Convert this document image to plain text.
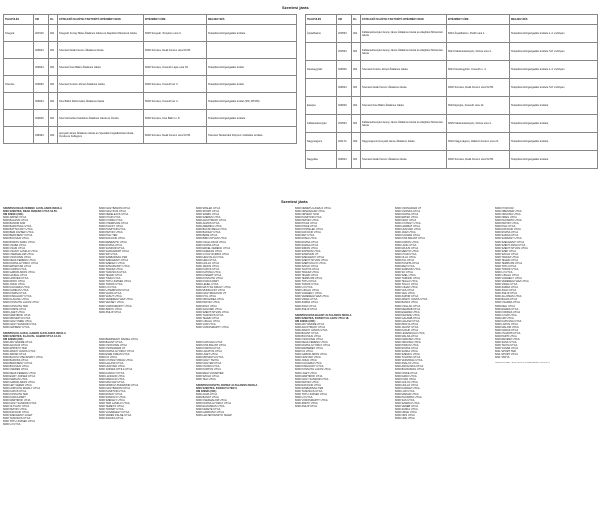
Szentesi járás
TELEPÜLÉS	OM	FH.	KÖTELEZŐ FELVÉTELT BIZTOSÍTÓ INTÉZMÉNY NEVE	INTÉZMÉNY CÍME	MEGJEGYZÉS
Szegvár	201516	001	Szegvári Forray Máté Általános Iskola és Alapfokú Művészeti Iskola	6635 Szegvár, Templom utca 3.	Települési közigazgatási területe
	029624	001	Szentesi Deák Ferenc Általános Iskola	6600 Szentes, Deák Ferenc utca 53-55.	
	029624	001	Szentesi Kiss Bálint Általános Iskola	6600 Szentes, Kossuth Lajos utca 18.	Települési közigazgatási terület
Szentes	029630	001	Szentesi Koszta József Általános Iskola	6600 Szentes, Kossuth tér 3.	Települési közigazgatási terület
	029634	001	Kiss Bálint Református Általános Iskola	6600 Szentes, Kossuth tér 2.	Települési közigazgatási terület (SNI, BTMN)
	029625	001	Szent Erzsébet Katolikus Általános Iskola és Óvoda	6600 Szentes, Kiss Bálint u. 8.	Települési közigazgatási területe
	038464	002	Hunyadi János Általános Iskola és Speciális Foglalkoztató Iskola, Óvoda és Kollégium	6600 Szentes, Deák Ferenc utca 53-55.	Szentesi Tankerületi Központ működési területe
TELEPÜLÉS	OM	FH.	KÖTELEZŐ FELVÉTELT BIZTOSÍTÓ INTÉZMÉNY NEVE	INTÉZMÉNY CÍME	MEGJEGYZÉS
Árpádhalom	200533	001	Fábiánsebestyéni Arany János Általános Iskola és Alapfokú Művészeti Iskola	6623 Árpádhalom, Petőfi utca 1.	Települési közigazgatási területe 1-4. évfolyam
	200533	001	Fábiánsebestyéni Arany János Általános Iskola és Alapfokú Művészeti Iskola	6621 Fábiánsebestyén, Dózsa utca 3.	Települési közigazgatási területe 5-8. évfolyam
Derekegyház	029629	001	Szentesi Koszta József Általános Iskola	6621 Derekegyház, Kossuth u. 4.	Települési közigazgatási területe 1-4. évfolyam
	029624	001	Szentesi Deák Ferenc Általános Iskola	6600 Szentes, Deák Ferenc utca 53-55.	Települési közigazgatási területe 5-8. évfolyam
Eperjes	029629	001	Szentesi Kiss Bálint Általános Iskola	6624 Eperjes, Kossuth utca 12.	Települési közigazgatási területe
Fábiánsebestyén	200533	001	Fábiánsebestyéni Arany János Általános Iskola és Alapfokú Művészeti Iskola	6625 Fábiánsebestyén, Dózsa utca 3.	Települési közigazgatási területe
Nagymágocs	201172	002	Nagymágocsi Hunyadi János Általános Iskola	6622 Nagymágocs, Rákóczi Ferenc utca 21.	Települési közigazgatási területe
Nagytőke	029624	001	Szentesi Deák Ferenc Általános Iskola	6600 Szentes, Deák Ferenc utca 53-55.	Települési közigazgatási területe
Szentesi járás
SZENTESI DEÁK FERENC ÁLTALÁNOS ISKOLA
6600 SZENTES, DEÁK FERENC UTCA 53-55.
OM 029624 (001)
6600 ÁRPÁD UTCA
6600 BALASSI UTCA
6600 BÁNOM SOR
6600 BARÁTSÁG UTCA
6600 BATTHYÁNY UTCA
6600 BEM JÓZSEF UTCA
6600 BERCSÉNYI UTCA
6600 BOCSKAI UTCA
6600 BOROS SAMU UTCA
6600 CSABA UTCA
6600 CSÁKI UTCA
6600 CSÁNYI LÁSZLÓ UTCA
6600 CSERHALOM UTCA
6600 CSOKONAI UTCA
6600 DEÁK FERENC UTCA
6600 DÓZSA GYÖRGY UTCA
6600 ÉRTÉKTÁR UTCA
6600 FÜRDŐ UTCA
6600 GÁBOR ÁRON UTCA
6600 HAJNAL UTCA
6600 HONVÉD UTCA
6600 IRINYI UTCA
6600 JÓKAI UTCA
6600 KÁLVÁRIA UTCA
6600 KARIKÁS UTCA
6600 KINIZSI UTCA
6600 KISFALUDY UTCA
6600 KLAUZÁL UTCA
6600 KOSSUTH LAJOS UTCA
6600 KOSSUTH TÉR
6600 KÖRTE UTCA
6600 LIGET UTCA
6600 MÁRTÍROK ÚTJA
6600 MIKSZÁTH UTCA
6600 NAGY IMRE UTCA
6600 NAGY SÁNDOR UTCA
6600 NAPFÉNY UTCA
SZENTESI KLAUZÁL GÁBOR ÁLTALÁNOS ISKOLA
6600 SZENTES, KLAUZÁL GÁBOR UTCA 12-16.
OM 029629 (001)
6600 ADY ENDRE UTCA
6600 ALFÖLDI UTCA
6600 APPONYI TÉR
6600 ARANY JÁNOS UTCA
6600 ÁRPÁD UTCA
6600 BAJCSY-ZSILINSZKY UTCA
6600 BAROSS UTCA
6600 BERCSÉNYI UTCA
6600 BOCSKAI UTCA
6600 CSERES UTCA
6600 DEÁK FERENC UTCA
6600 EGRY JÓZSEF UTCA
6600 FARKAS UTCA
6600 GÁBOR ÁRON UTCA
6600 HÉT VEZÉR UTCA
6600 HORVÁTH MIHÁLY UTCA
6600 KAPOS UTCA
6600 KOSSUTH TÉR
6600 KURCA PART
6600 MÁRTÍROK ÚTJA
6600 NAGY SÁNDOR UTCA
6600 OLTVÁNY UTCA
6600 PETŐFI UTCA
6600 RÁKÓCZI UTCA
6600 SZÉCHENYI LIGET
6600 TÁNCSICS UTCA
6600 TÓTH JÓZSEF UTCA
6600 ÚJ UTCA
6600 NAGYBÁNOM UTCA
6600 NAGYKÖZ UTCA
6600 NEFELEJCS UTCA
6600 NYÁR UTCA
6600 NYÍRFA UTCA
6600 ÓTEMPLOM UTCA
6600 PÁLFFY UTCA
6600 PÁSZTOR UTCA
6600 PETŐFI UTCA
6600 PIAC TÉR
6600 RÁKÓCZI UTCA
6600 REMÉNYIK UTCA
6600 RÓZSA UTCA
6600 SÁNDOR UTCA
6600 SÁRGAPART UTCA
6600 SÍP UTCA
6600 SZABADSÁG TÉR
6600 SZÉCHENYI UTCA
6600 SZÉKELY UTCA
6600 SZIVÁRVÁNY UTCA
6600 TAVASZ UTCA
6600 TÁNCSICS UTCA
6600 TELEKI UTCA
6600 TISZA UTCA
6600 TÓTH JÓZSEF UTCA
6600 TÖRÖK UTCA
6600 ÚJ UTCA
6600 ÚJTEMPLOM UTCA
6600 VAJDA UTCA
6600 VASUT UTCA
6600 VERESEGYHÁZ UTCA
6600 VÉCSEY UTCA
6600 VÖRÖSMARTY UTCA
6600 ZRÍNYI UTCA
6600 ZSILIP UTCA
6600 BERZSENYI DÁNIEL UTCA
6600 BÁLINT UTCA
6600 CSOKONAI UTCA
6600 CSONGRÁDI ÚT
6600 DÓZSA GYÖRGY UTCA
6600 ESZE TAMÁS UTCA
6600 FŐ UTCA
6600 GYÖNGYVIRÁG UTCA
6600 HALÁSZ UTCA
6600 HUNYADI UTCA
6600 JÓZSEF ATTILA UTCA
6600 KÁROLYI UTCA
6600 LÁNCHÍD UTCA
6600 MADÁCH UTCA
6600 MAGYAR UTCA
6600 MÓRICZ ZSIGMOND UTCA
6600 NAGYBÁNOM UTCA
6600 PÁSZTOR UTCA
6600 RÓNAY UTCA
6600 SOMOGYI UTCA
6600 SZÉKELY UTCA
6600 TARI LÁSZLÓ UTCA
6600 TEMETŐ UTCA
6600 TÓPART UTCA
6600 VÁSÁRHELYI UTCA
6600 VERES PÁLNÉ UTCA
6600 ZÖLDFA UTCA
6600 SPALEK UTCA
6600 SPORT UTCA
6600 SZABÓ UTCA
6600 SZEPES UTCA
6600 ALKOTMÁNY UTCA
6600 ÁLMOS UTCA
6600 AMERIKA UTCA
6600 BACSÓ BÉLA UTCA
6600 BAKSAY UTCA
6600 BÉKE UTCA
6600 BIBÓ ISTVÁN UTCA
6600 CSALLÓKÖZ UTCA
6600 DÓZSA UTCA
6600 ERKEL FERENC UTCA
6600 FAZEKAS UTCA
6600 GYÓGYFÜRDŐ UTCA
6600 HEGYALJA UTCA
6600 HÉKI UTCA
6600 HOLLÓ UTCA
6600 JÁNOS UTCA
6600 KAPOS UTCA
6600 KATONA UTCA
6600 KISKERT UTCA
6600 KOSSUTH UTCA
6600 KURCA PART
6600 LEHEL UTCA
6600 MÁTYÁS KIRÁLY UTCA
6600 MUNKÁCSY UTCA
6600 NAGYMÁGOCSI ÚT
6600 NYÍL UTCA
6600 ORCHIDEA UTCA
6600 PETŐFI UTCA
6600 RIGÓ UTCA
6600 SÁGVÁRI UTCA
6600 SZENT ISTVÁN UTCA
6600 TÁNCSICS UTCA
6600 TELEKI UTCA
6600 ÚJFALU UTCA
6600 VÁR UTCA
6600 VÖRÖSMARTY UTCA
6600 KAPOLNA UTCA
6600 KISS BÁLINT UTCA
6600 KŐRÖSI UTCA
6600 LAKATOS UTCA
6600 LIGET UTCA
6600 MIKSZÁTH UTCA
6600 NAGY TANYA
6600 NAGYÉR UTCA
6600 ÓVODA UTCA
6600 PÁRTOS UTCA
6600 RÉGI VÁSÁRTÉR
6600 SZŐLŐ UTCA
6600 TÉLI UTCA
SZENTESI KOSZTA JÓZSEF ÁLTALÁNOS ISKOLA
6600 SZENTES, KOSSUTH TÉR 3.
OM 029630 (001)
6600 ALMA UTCA
6600 BÁNÁT UTCA
6600 CSERHALOM UTCA
6600 DÓZSA GYÖRGY UTCA
6600 ÉLMUNKÁS UTCA
6600 FEKETE UTCA
6600 GÁRDONYI UTCA
6600 HALTENYÉSZTŐ TELEP
6600 NÉMETH LÁSZLÓ UTCA
6600 ORSZÁGHÍD UTCA
6600 ÖRVÉNY SOR
6600 PÁSZTOR UTCA
6600 PETŐFI UTCA
6600 PICAS UTCA
6600 PINCE UTCA
6600 PÓSTELEK UTCA
6600 RÁKÓCZI UTCA
6600 RÉT UTCA
6600 RÓNA UTCA
6600 RÓZSA UTCA
6600 SÁRGA UTCA
6600 SIMON UTCA
6600 SOPRON UTCA
6600 SZARVASI ÚT
6600 SZÉCHENYI UTCA
6600 SZENT ISTVÁN UTCA
6600 SZÉPVÖLGYI UTCA
6600 SZŐLŐ UTCA
6600 TÁLTOS UTCA
6600 TAVASZ UTCA
6600 TELEKI UTCA
6600 TEMPLOM UTCA
6600 TÓTH UTCA
6600 TÖRÖK UTCA
6600 ÚJ UTCA
6600 ÚJFALU UTCA
6600 VÁRHEGY UTCA
6600 VERESEGYHÁZ UTCA
6600 VIRÁG UTCA
6600 ZÁRDA UTCA
6600 ZÖLD UTCA
6600 ZSILIP UTCA
SZENTESI KISS BÁLINT ÁLTALÁNOS ISKOLA
6600 SZENTES, KOSSUTH LAJOS UTCA 18.
OM 029624 (001)
6600 ADY ENDRE UTCA
6600 ALKOTMÁNY UTCA
6600 ARANY JÁNOS UTCA
6600 BÁLINT UTCA
6600 BOCSKAI UTCA
6600 CSOKONAI UTCA
6600 DEÁK FERENC UTCA
6600 DÓZSA GYÖRGY UTCA
6600 ERZSÉBET UTCA
6600 FŐ UTCA
6600 GÁBOR ÁRON UTCA
6600 HUNYADI UTCA
6600 JÓKAI UTCA
6600 KÁLVÁRIA UTCA
6600 KISFALUDY UTCA
6600 KOSSUTH LAJOS UTCA
6600 LIGET UTCA
6600 MÁRTÍROK ÚTJA
6600 NAGY SÁNDOR UTCA
6600 PETŐFI UTCA
6600 RÁKÓCZI UTCA
6600 SZABADSÁG TÉR
6600 TÁNCSICS UTCA
6600 TÓTH JÓZSEF UTCA
6600 ÚJ UTCA
6600 VÖRÖSMARTY UTCA
6600 ZRÍNYI UTCA
6600 ZSILIP UTCA
6600 CSONGRÁDI ÚT
6600 CSONKA UTCA
6600 DÓZSA UTCA
6600 ÉRTÉK UTCA
6600 FÉNY UTCA
6600 GYÖNGY UTCA
6600 HARMAT UTCA
6600 HUNYADI UTCA
6600 JÁSZ UTCA
6600 KÁLMÁN UTCA
6600 KISS BÁLINT UTCA
6600 KÖRÖS UTCA
6600 LÁNG UTCA
6600 MÁJUS UTCA
6600 MENTŐ UTCA
6600 NYÁR UTCA
6600 OLAJ UTCA
6600 PÁL UTCA
6600 PUSZTA UTCA
6600 RÉZ UTCA
6600 SÁMSON UTCA
6600 SÓ UTCA
6600 SZÉL UTCA
6600 TÁRNOK UTCA
6600 TÉGLA UTCA
6600 TÖLGY UTCA
6600 ÚJHÁZ UTCA
6600 VAS UTCA
6600 VÉG UTCA
6600 ZÁPOR UTCA
6600 ARANY JÁNOS UTCA
6600 BÁNÁT UTCA
6600 CSILLAG UTCA
6600 DÉLIBÁB UTCA
6600 ÉGERFA UTCA
6600 FECSKE UTCA
6600 GALAMB UTCA
6600 HALÁSZ UTCA
6600 IBOLYA UTCA
6600 JÁCINT UTCA
6600 KAKUK UTCA
6600 LEVENDULA UTCA
6600 MÁLNA UTCA
6600 NÁRCISZ UTCA
6600 ORGONA UTCA
6600 PIPACS UTCA
6600 RÓZSA UTCA
6600 SÁSKA UTCA
6600 SZEGFŰ UTCA
6600 TULIPÁN UTCA
6600 VADVIRÁG UTCA
6600 ZSÁLYA UTCA
6600 ÁRVÁCSKA UTCA
6600 BÚZAVIRÁG UTCA
6600 CINKE UTCA
6600 DARU UTCA
6600 FÜRJ UTCA
6600 GÓLYA UTCA
6600 HOLLÓ UTCA
6600 KÁRÁSZ UTCA
6600 LÚD UTCA
6600 MADÁR UTCA
6600 PACSIRTA UTCA
6600 SAS UTCA
6600 SZARKA UTCA
6600 VERÉB UTCA
6600 ZÁNKA UTCA
6600 ÜRGE UTCA
6600 ÖRS UTCA
6600 ÜDE UTCA
6600 NYÍR KÖZ
6600 OBESTER UTCA
6600 ORGONA UTCA
6600 ÖREG UTCA
6600 PACSIRTA UTCA
6600 PETŐFI UTCA
6600 PIAC UTCA
6600 RÁKÓCZI UTCA
6600 RÓZSA UTCA
6600 SÁRGA UTCA
6600 SÁRKÁNY UTCA
6600 SZÉCHENYI UTCA
6600 SZENT ANNA UTCA
6600 SZENT ISTVÁN UTCA
6600 SZÉP UTCA
6600 SZŐLŐ UTCA
6600 TAVASZ UTCA
6600 TELEKI UTCA
6600 TEMPLOM UTCA
6600 TÓTH UTCA
6600 TÖRÖK UTCA
6600 ÚJ UTCA
6600 ÚJFALU UTCA
6600 VÁRHEGY UTCA
6600 VERESEGYHÁZ UTCA
6600 VIRÁG UTCA
6600 ZÁRDA UTCA
6600 ZÖLD UTCA
6600 ZSILIP UTCA
6600 ÁLLOMÁS UTCA
6600 BAJZA UTCA
6600 CSÁRDA UTCA
6600 DÉLI UTCA
6600 EGRES UTCA
6600 FORRÁS UTCA
6600 GYÁR UTCA
6600 HÍD UTCA
6600 KÁPOLNA UTCA
6600 LAPOS UTCA
6600 MALOM UTCA
6600 NÁDAS UTCA
6600 ÓVÁROS UTCA
6600 PARTI UTCA
6600 RÉVÉSZ UTCA
6600 SÁNC UTCA
6600 TANYA UTCA
6600 VÁSÁR UTCA
6611 SPORT TÉR
6611 SPORT UTCA
6611 TANYA
DEREKEGYHÁZ TELEPÜLÉS KÖZIGAZGATÁSI TERÜLETE
